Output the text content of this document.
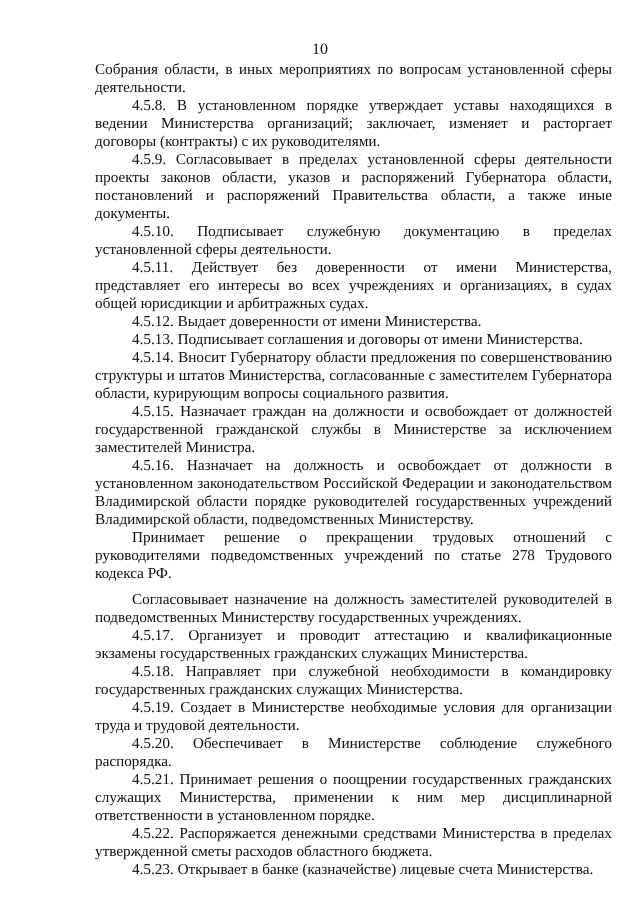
10

Собрания области, в иных мероприятиях по вопросам установленной сферы деятельности.

4.5.8. В установленном порядке утверждает уставы находящихся в ведении Министерства организаций; заключает, изменяет и расторгает договоры (контракты) с их руководителями.

4.5.9. Согласовывает в пределах установленной сферы деятельности проекты законов области, указов и распоряжений Губернатора области, постановлений и распоряжений Правительства области, а также иные документы.

4.5.10. Подписывает служебную документацию в пределах установленной сферы деятельности.

4.5.11. Действует без доверенности от имени Министерства, представляет его интересы во всех учреждениях и организациях, в судах общей юрисдикции и арбитражных судах.

4.5.12. Выдает доверенности от имени Министерства.

4.5.13. Подписывает соглашения и договоры от имени Министерства.

4.5.14. Вносит Губернатору области предложения по совершенствованию структуры и штатов Министерства, согласованные с заместителем Губернатора области, курирующим вопросы социального развития.

4.5.15. Назначает граждан на должности и освобождает от должностей государственной гражданской службы в Министерстве за исключением заместителей Министра.

4.5.16. Назначает на должность и освобождает от должности в установленном законодательством Российской Федерации и законодательством Владимирской области порядке руководителей государственных учреждений Владимирской области, подведомственных Министерству.

Принимает решение о прекращении трудовых отношений с руководителями подведомственных учреждений по статье 278 Трудового кодекса РФ.

Согласовывает назначение на должность заместителей руководителей в подведомственных Министерству государственных учреждениях.

4.5.17. Организует и проводит аттестацию и квалификационные экзамены государственных гражданских служащих Министерства.

4.5.18. Направляет при служебной необходимости в командировку государственных гражданских служащих Министерства.

4.5.19. Создает в Министерстве необходимые условия для организации труда и трудовой деятельности.

4.5.20. Обеспечивает в Министерстве соблюдение служебного распорядка.

4.5.21. Принимает решения о поощрении государственных гражданских служащих Министерства, применении к ним мер дисциплинарной ответственности в установленном порядке.

4.5.22. Распоряжается денежными средствами Министерства в пределах утвержденной сметы расходов областного бюджета.

4.5.23. Открывает в банке (казначействе) лицевые счета Министерства.
